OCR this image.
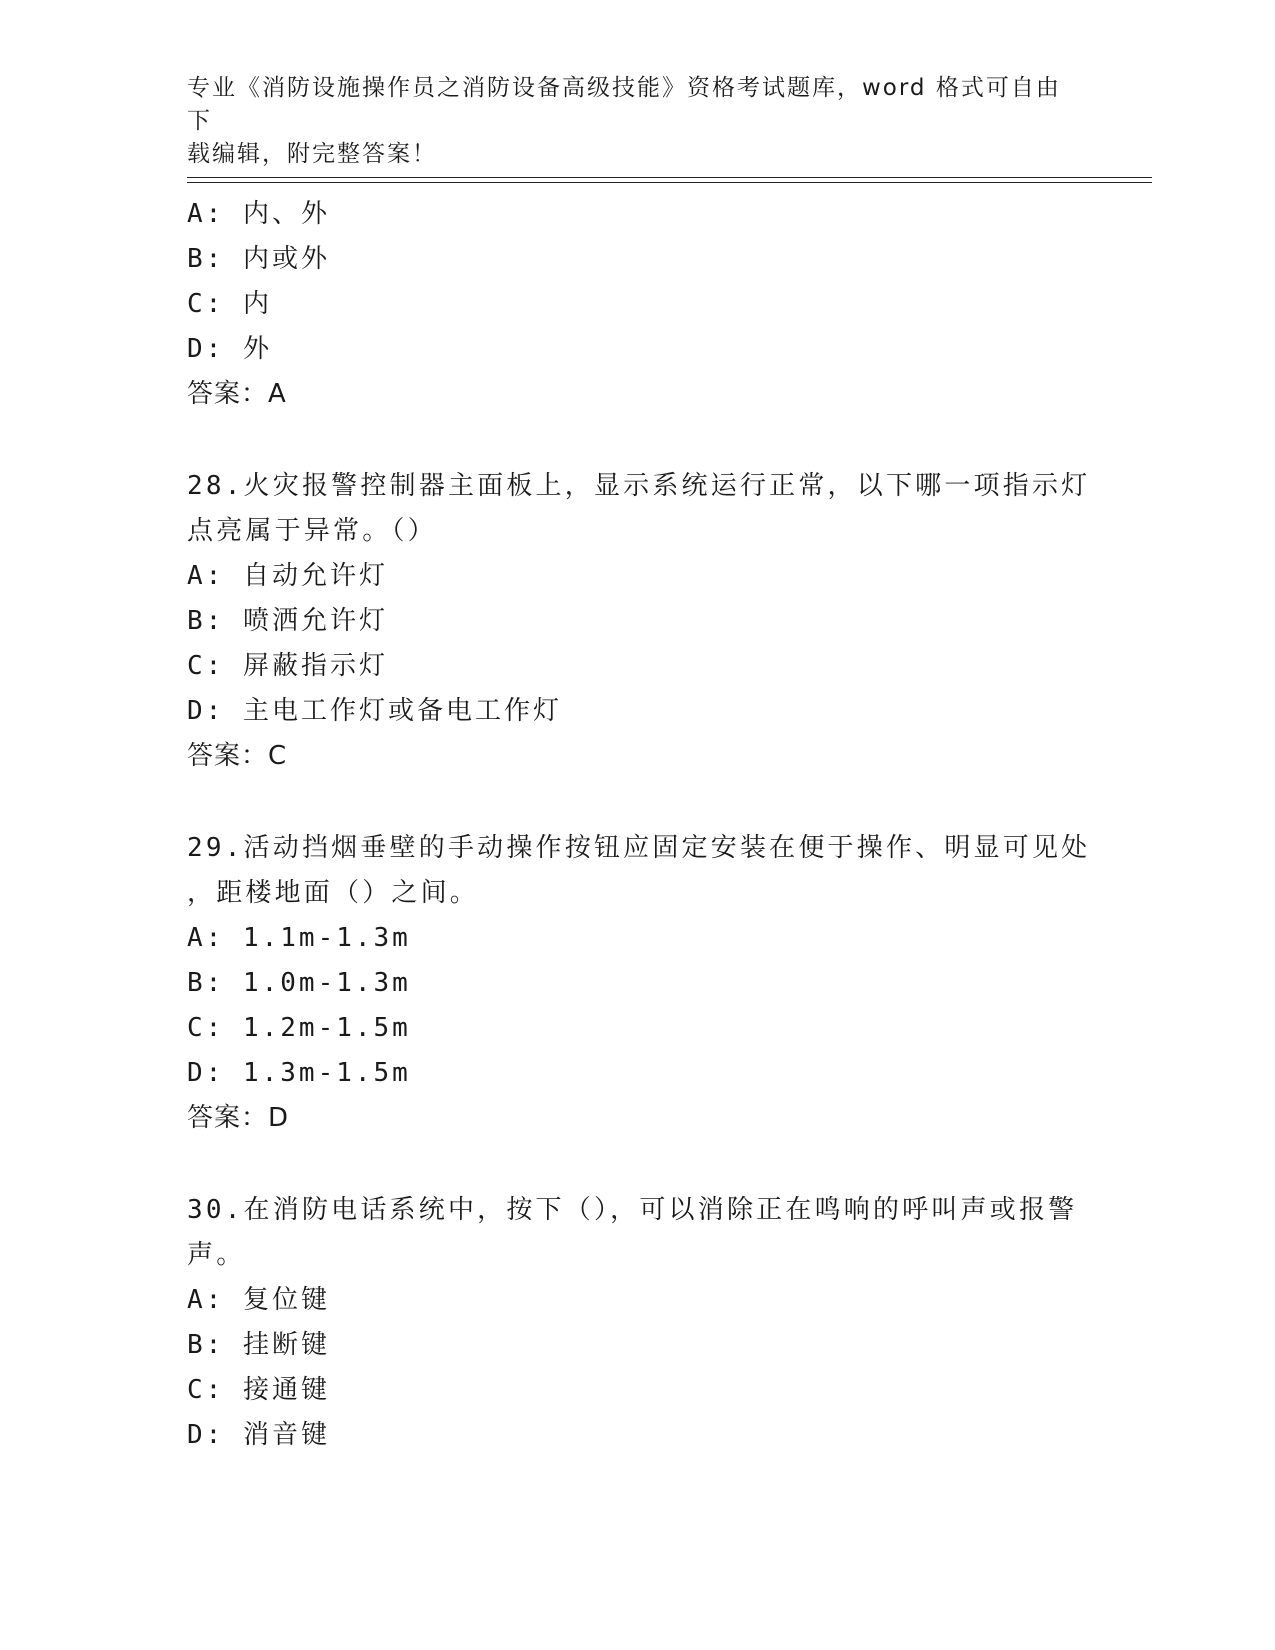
专业《消防设施操作员之消防设备高级技能》资格考试题库，word 格式可自由下
载编辑，附完整答案！
A: 内、外
B: 内或外
C: 内
D: 外
答案：A
28.火灾报警控制器主面板上，显示系统运行正常，以下哪一项指示灯
点亮属于异常。（）
A: 自动允许灯
B: 喷洒允许灯
C: 屏蔽指示灯
D: 主电工作灯或备电工作灯
答案：C
29.活动挡烟垂壁的手动操作按钮应固定安装在便于操作、明显可见处
，距楼地面（）之间。
A: 1.1m-1.3m
B: 1.0m-1.3m
C: 1.2m-1.5m
D: 1.3m-1.5m
答案：D
30.在消防电话系统中，按下（），可以消除正在鸣响的呼叫声或报警
声。
A: 复位键
B: 挂断键
C: 接通键
D: 消音键
